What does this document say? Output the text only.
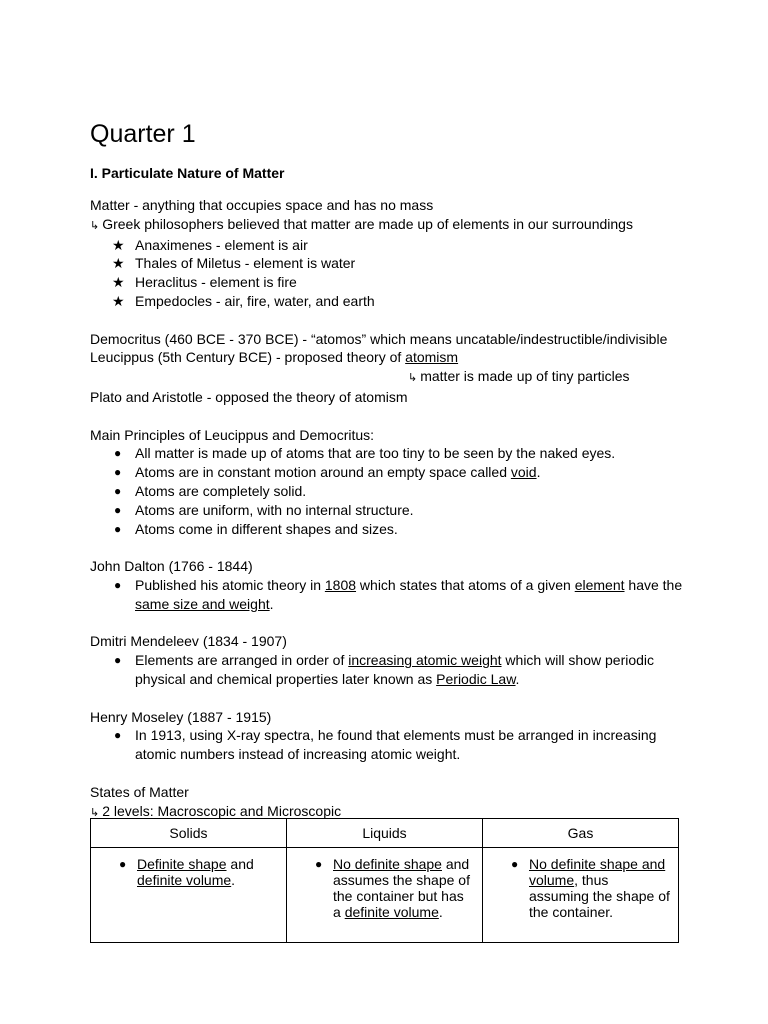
Quarter 1
I. Particulate Nature of Matter

Matter - anything that occupies space and has no mass

↳ Greek philosophers believed that matter are made up of elements in our surroundings

★ Anaximenes - element is air
★ Thales of Miletus - element is water
★ Heraclitus - element is fire
★ Empedocles - air, fire, water, and earth

Democritus (460 BCE - 370 BCE) - “atomos” which means uncatable/indestructible/indivisible

Leucippus (5th Century BCE) - proposed theory of atomism

↳ matter is made up of tiny particles

Plato and Aristotle - opposed the theory of atomism

Main Principles of Leucippus and Democritus:

● All matter is made up of atoms that are too tiny to be seen by the naked eyes.
● Atoms are in constant motion around an empty space called void.
● Atoms are completely solid.
● Atoms are uniform, with no internal structure.
● Atoms come in different shapes and sizes.

John Dalton (1766 - 1844)

● Published his atomic theory in 1808 which states that atoms of a given element have the same size and weight.

Dmitri Mendeleev (1834 - 1907)

● Elements are arranged in order of increasing atomic weight which will show periodic physical and chemical properties later known as Periodic Law.

Henry Moseley (1887 - 1915)

● In 1913, using X-ray spectra, he found that elements must be arranged in increasing atomic numbers instead of increasing atomic weight.

States of Matter

↳ 2 levels: Macroscopic and Microscopic

Solids	Liquids	Gas

● Definite shape and definite volume.	● No definite shape and assumes the shape of the container but has a definite volume.	● No definite shape and volume, thus assuming the shape of the container.
